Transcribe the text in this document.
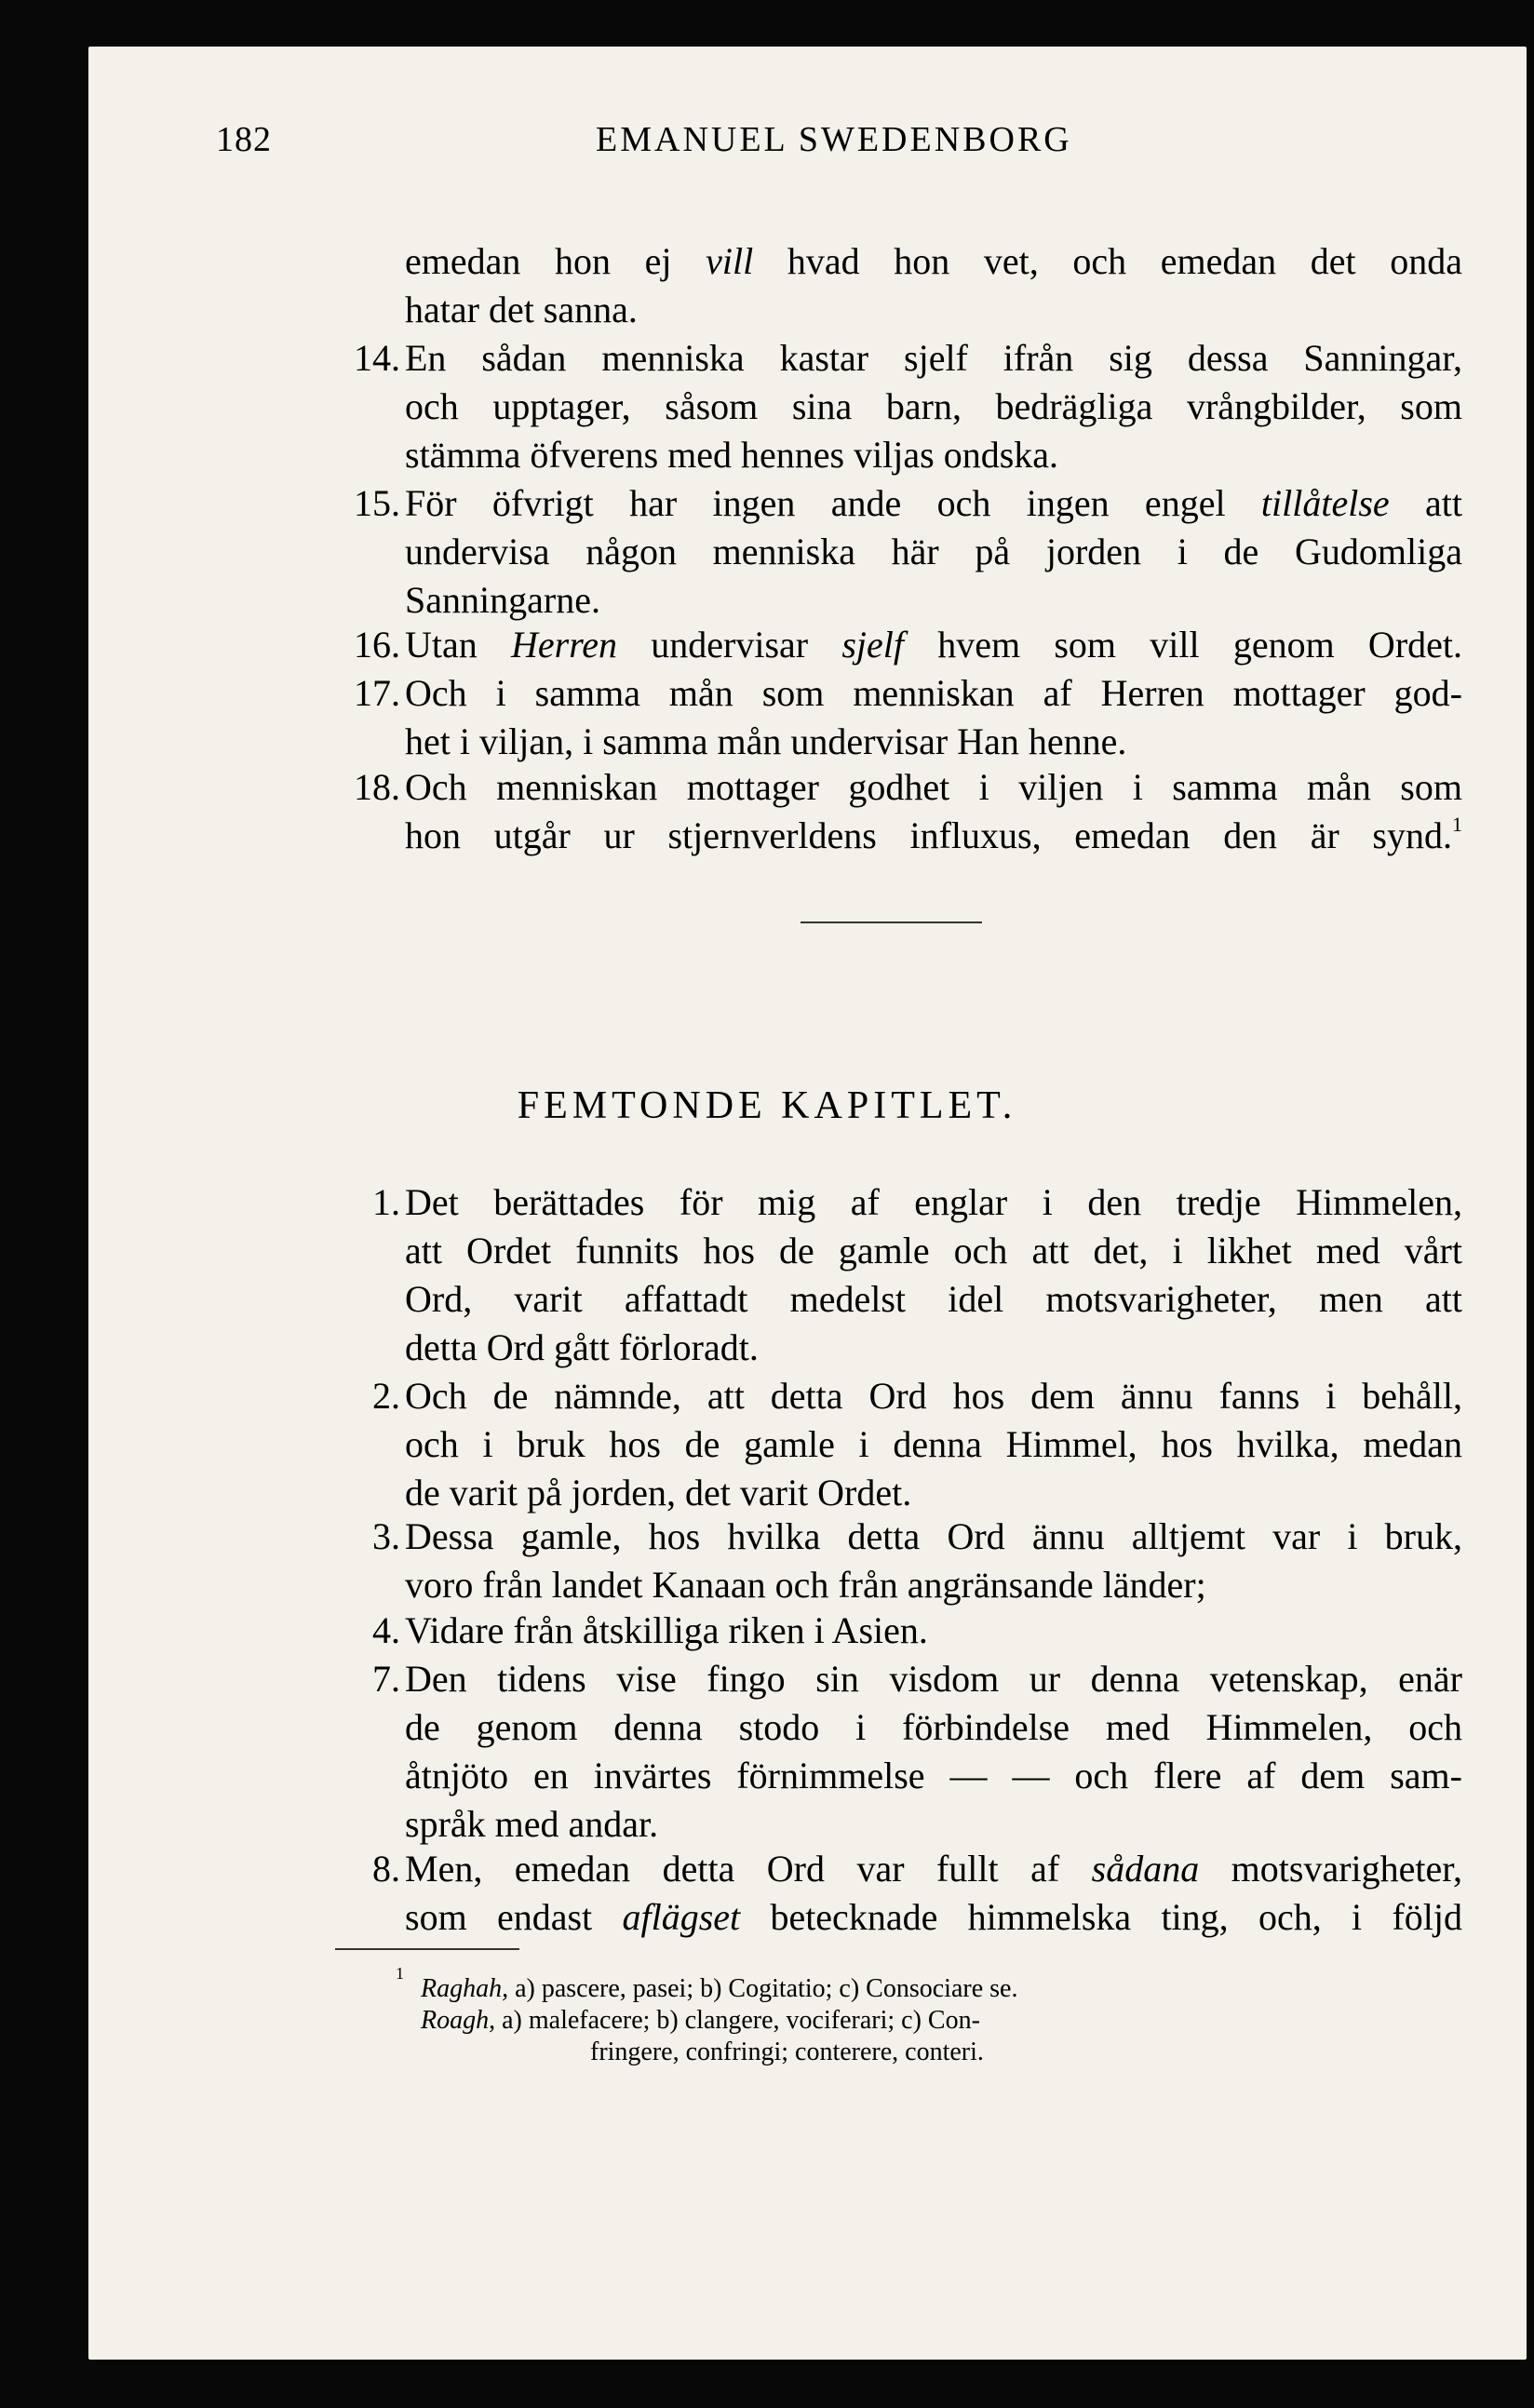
182	EMANUEL SWEDENBORG
emedan hon ej vill hvad hon vet, och emedan det onda
hatar det sanna.
14. En sådan menniska kastar sjelf ifrån sig dessa Sanningar,
och upptager, såsom sina barn, bedrägliga vrångbilder, som
stämma öfverens med hennes viljas ondska.
15. För öfvrigt har ingen ande och ingen engel tillåtelse att
undervisa någon menniska här på jorden i de Gudomliga
Sanningarne.
16. Utan Herren undervisar sjelf hvem som vill genom Ordet.
17. Och i samma mån som menniskan af Herren mottager god-
het i viljan, i samma mån undervisar Han henne.
18. Och menniskan mottager godhet i viljen i samma mån som
hon utgår ur stjernverldens influxus, emedan den är synd.$^1$
FEMTONDE KAPITLET.
1. Det berättades för mig af englar i den tredje Himmelen,
att Ordet funnits hos de gamle och att det, i likhet med vårt
Ord, varit affattadt medelst idel motsvarigheter, men att
detta Ord gått förloradt.
2. Och de nämnde, att detta Ord hos dem ännu fanns i behåll,
och i bruk hos de gamle i denna Himmel, hos hvilka, medan
de varit på jorden, det varit Ordet.
3. Dessa gamle, hos hvilka detta Ord ännu alltjemt var i bruk,
voro från landet Kanaan och från angränsande länder;
4. Vidare från åtskilliga riken i Asien.
7. Den tidens vise fingo sin visdom ur denna vetenskap, enär
de genom denna stodo i förbindelse med Himmelen, och
åtnjöto en invärtes förnimmelse — — och flere af dem sam-
språk med andar.
8. Men, emedan detta Ord var fullt af sådana motsvarigheter,
som endast aflägset betecknade himmelska ting, och, i följd
$^1$
Raghah, a) pascere, pasei; b) Cogitatio; c) Consociare se.
Roagh, a) malefacere; b) clangere, vociferari; c) Con-
fringere, confringi; conterere, conteri.
